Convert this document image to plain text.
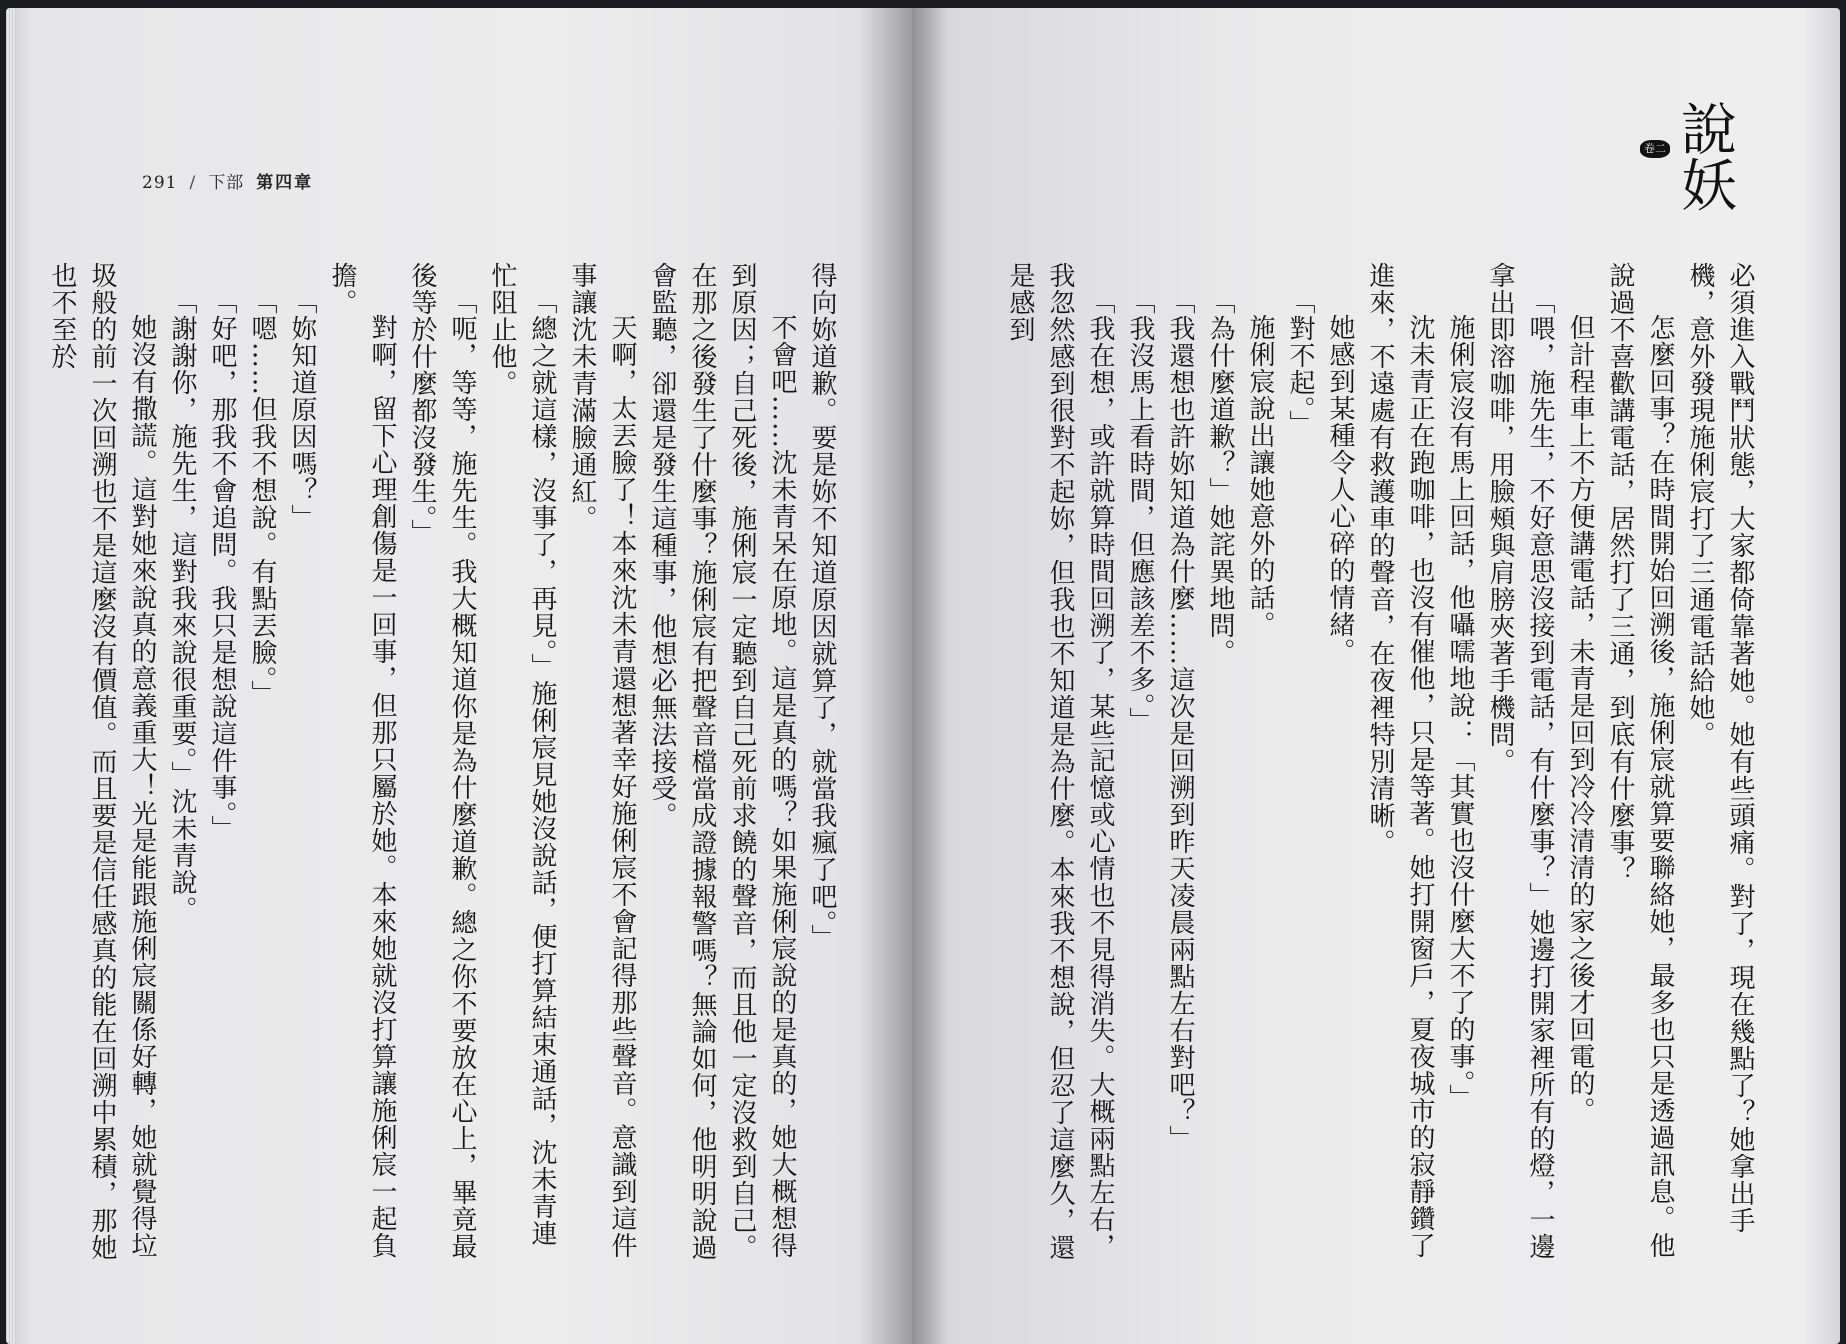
291 / 下部 第四章

得向妳道歉。要是妳不知道原因就算了，就當我瘋了吧。」

不會吧……沈未青呆在原地。這是真的嗎？如果施俐宸說的是真的，她大概想得到原因；自己死後，施俐宸一定聽到自己死前求饒的聲音，而且他一定沒救到自己。在那之後發生了什麼事？施俐宸有把聲音檔當成證據報警嗎？無論如何，他明明說過會監聽，卻還是發生這種事，他想必無法接受。

天啊，太丟臉了！本來沈未青還想著幸好施俐宸不會記得那些聲音。意識到這件事讓沈未青滿臉通紅。

「總之就這樣，沒事了，再見。」施俐宸見她沒說話，便打算結束通話，沈未青連忙阻止他。

「呃，等等，施先生。我大概知道你是為什麼道歉。總之你不要放在心上，畢竟最後等於什麼都沒發生。」

對啊，留下心理創傷是一回事，但那只屬於她。本來她就沒打算讓施俐宸一起負擔。

「妳知道原因嗎？」

「嗯……但我不想說。有點丟臉。」

「好吧，那我不會追問。我只是想說這件事。」

「謝謝你，施先生，這對我來說很重要。」沈未青說。

她沒有撒謊。這對她來說真的意義重大！光是能跟施俐宸關係好轉，她就覺得垃圾般的前一次回溯也不是這麼沒有價值。而且要是信任感真的能在回溯中累積，那她也不至於

說妖
卷二

必須進入戰鬥狀態，大家都倚靠著她。她有些頭痛。對了，現在幾點了？她拿出手機，意外發現施俐宸打了三通電話給她。

怎麼回事？在時間開始回溯後，施俐宸就算要聯絡她，最多也只是透過訊息。他說過不喜歡講電話，居然打了三通，到底有什麼事？

但計程車上不方便講電話，未青是回到冷冷清清的家之後才回電的。

「喂，施先生，不好意思沒接到電話，有什麼事？」她邊打開家裡所有的燈，一邊拿出即溶咖啡，用臉頰與肩膀夾著手機問。

施俐宸沒有馬上回話，他囁嚅地說：「其實也沒什麼大不了的事。」

沈未青正在跑咖啡，也沒有催他，只是等著。她打開窗戶，夏夜城市的寂靜鑽了進來，不遠處有救護車的聲音，在夜裡特別清晰。

她感到某種令人心碎的情緒。

「對不起。」

施俐宸說出讓她意外的話。

「為什麼道歉？」她詫異地問。

「我還想也許妳知道為什麼……這次是回溯到昨天凌晨兩點左右對吧？」

「我沒馬上看時間，但應該差不多。」

「我在想，或許就算時間回溯了，某些記憶或心情也不見得消失。大概兩點左右，我忽然感到很對不起妳，但我也不知道是為什麼。本來我不想說，但忍了這麼久，還是感到
